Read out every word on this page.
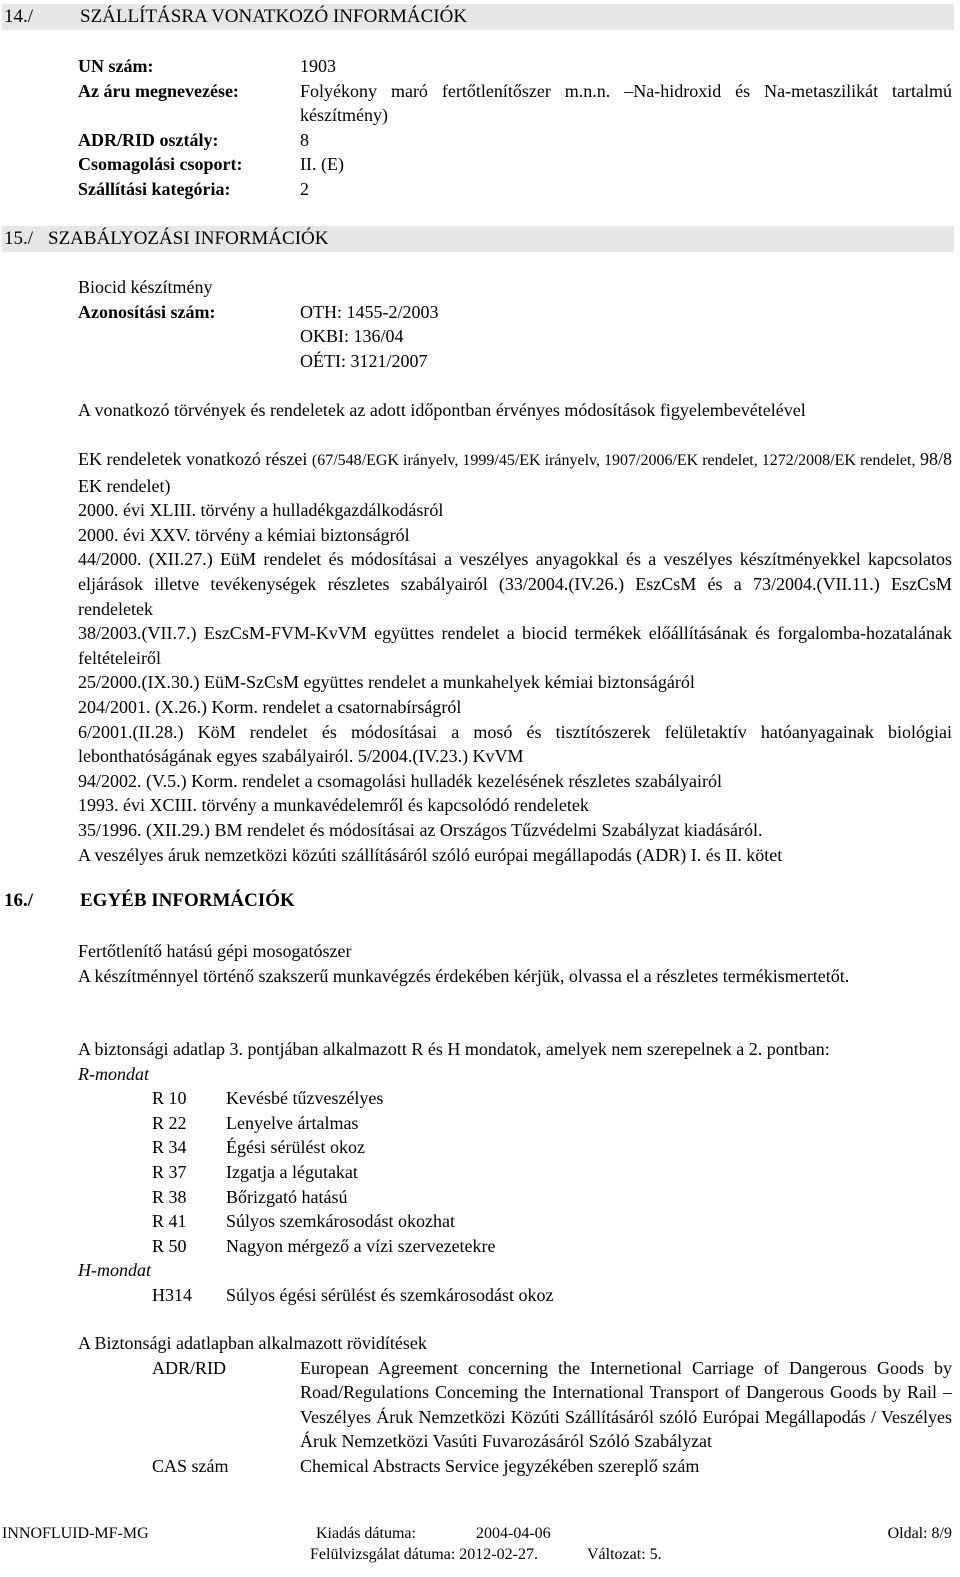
14./ SZÁLLÍTÁSRA VONATKOZÓ INFORMÁCIÓK
UN szám:	1903
Az áru megnevezése:	Folyékony maró fertőtlenítőszer m.n.n. –Na-hidroxid és Na-metaszilikát tartalmú készítmény)
ADR/RID osztály:	8
Csomagolási csoport:	II. (E)
Szállítási kategória:	2
15./ SZABÁLYOZÁSI INFORMÁCIÓK
Biocid készítmény
Azonosítási szám:	OTH: 1455-2/2003
OKBI: 136/04
OÉTI: 3121/2007
A vonatkozó törvények és rendeletek az adott időpontban érvényes módosítások figyelembevételével
EK rendeletek vonatkozó részei (67/548/EGK irányelv, 1999/45/EK irányelv, 1907/2006/EK rendelet, 1272/2008/EK rendelet, 98/8 EK rendelet)
2000. évi XLIII. törvény a hulladékgazdálkodásról
2000. évi XXV. törvény a kémiai biztonságról
44/2000. (XII.27.) EüM rendelet és módosításai a veszélyes anyagokkal és a veszélyes készítményekkel kapcsolatos eljárások illetve tevékenységek részletes szabályairól (33/2004.(IV.26.) EszCsM és a 73/2004.(VII.11.) EszCsM rendeletek
38/2003.(VII.7.) EszCsM-FVM-KvVM együttes rendelet a biocid termékek előállításának és forgalomba-hozatalának feltételeiről
25/2000.(IX.30.) EüM-SzCsM együttes rendelet a munkahelyek kémiai biztonságáról
204/2001. (X.26.) Korm. rendelet a csatornabírságról
6/2001.(II.28.) KöM rendelet és módosításai a mosó és tisztítószerek felületaktív hatóanyagainak biológiai lebonthatóságának egyes szabályairól. 5/2004.(IV.23.) KvVM
94/2002. (V.5.) Korm. rendelet a csomagolási hulladék kezelésének részletes szabályairól
1993. évi XCIII. törvény a munkavédelemről és kapcsolódó rendeletek
35/1996. (XII.29.) BM rendelet és módosításai az Országos Tűzvédelmi Szabályzat kiadásáról.
A veszélyes áruk nemzetközi közúti szállításáról szóló európai megállapodás (ADR) I. és II. kötet
16./ EGYÉB INFORMÁCIÓK
Fertőtlenítő hatású gépi mosogatószer
A készítménnyel történő szakszerű munkavégzés érdekében kérjük, olvassa el a részletes termékismertetőt.
A biztonsági adatlap 3. pontjában alkalmazott R és H mondatok, amelyek nem szerepelnek a 2. pontban:
R-mondat
R 10	Kevésbé tűzveszélyes
R 22	Lenyelve ártalmas
R 34	Égési sérülést okoz
R 37	Izgatja a légutakat
R 38	Bőrizgató hatású
R 41	Súlyos szemkárosodást okozhat
R 50	Nagyon mérgező a vízi szervezetekre
H-mondat
H314	Súlyos égési sérülést és szemkárosodást okoz
A Biztonsági adatlapban alkalmazott rövidítések
ADR/RID	European Agreement concerning the Internetional Carriage of Dangerous Goods by Road/Regulations Conceming the International Transport of Dangerous Goods by Rail –Veszélyes Áruk Nemzetközi Közúti Szállításáról szóló Európai Megállapodás / Veszélyes Áruk Nemzetközi Vasúti Fuvarozásáról Szóló Szabályzat
CAS szám	Chemical Abstracts Service jegyzékében szereplő szám
INNOFLUID-MF-MG	Kiadás dátuma:	2004-04-06	Oldal: 8/9
Felülvizsgálat dátuma: 2012-02-27.	Változat: 5.
